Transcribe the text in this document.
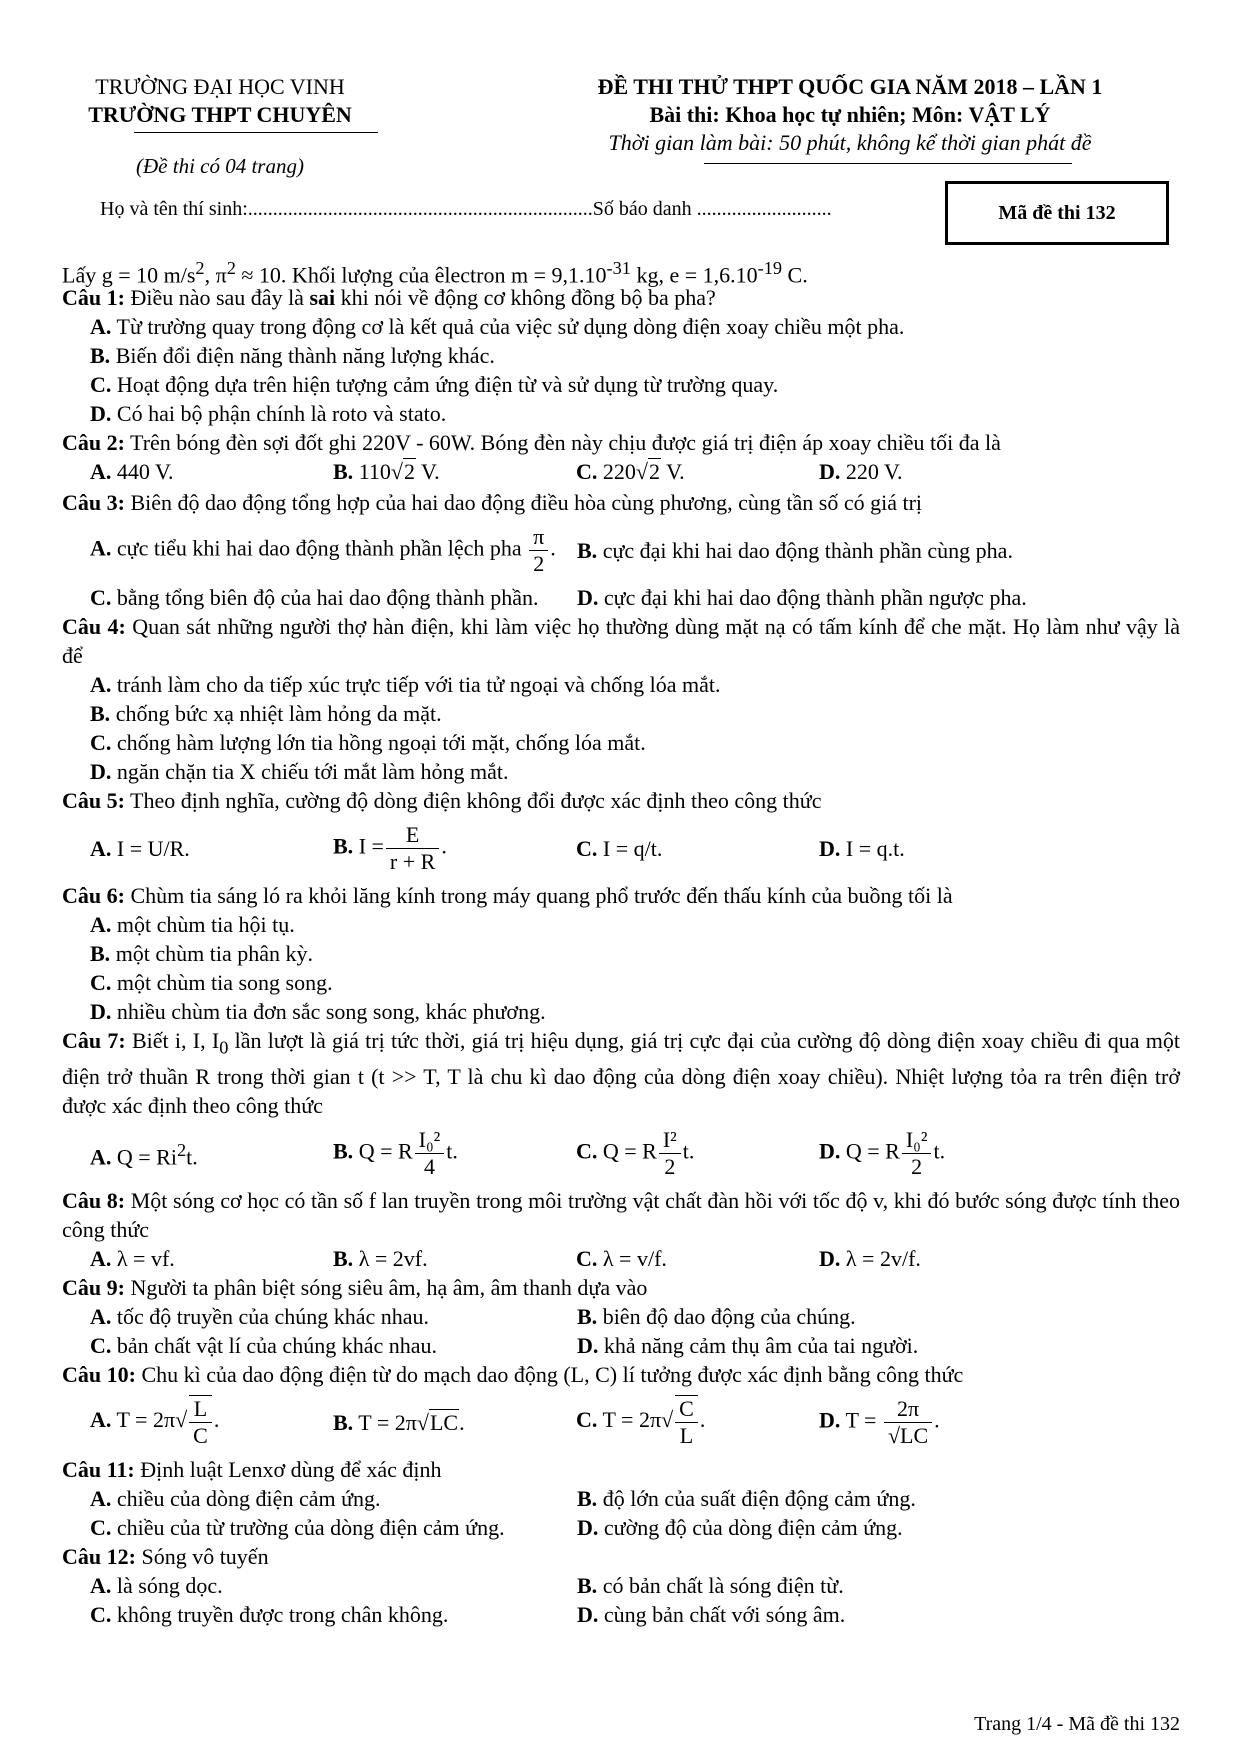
TRƯỜNG ĐẠI HỌC VINH
TRƯỜNG THPT CHUYÊN
(Đề thi có 04 trang)
ĐỀ THI THỬ THPT QUỐC GIA NĂM 2018 – LẦN 1
Bài thi: Khoa học tự nhiên; Môn: VẬT LÝ
Thời gian làm bài: 50 phút, không kể thời gian phát đề
Họ và tên thí sinh:.....................................................................Số báo danh ...........................	Mã đề thi 132
Lấy g = 10 $m/s^2$, $\pi^2 \approx 10$. Khối lượng của êlectron $m = 9,1.10^{-31}$ kg, $e = 1,6.10^{-19}$ C.
Câu 1: Điều nào sau đây là sai khi nói về động cơ không đồng bộ ba pha?
A. Từ trường quay trong động cơ là kết quả của việc sử dụng dòng điện xoay chiều một pha.
B. Biến đổi điện năng thành năng lượng khác.
C. Hoạt động dựa trên hiện tượng cảm ứng điện từ và sử dụng từ trường quay.
D. Có hai bộ phận chính là roto và stato.
Câu 2: Trên bóng đèn sợi đốt ghi 220V - 60W. Bóng đèn này chịu được giá trị điện áp xoay chiều tối đa là
A. 440 V.	B. 110√2 V.	C. 220√2 V.	D. 220 V.
Câu 3: Biên độ dao động tổng hợp của hai dao động điều hòa cùng phương, cùng tần số có giá trị
A. cực tiểu khi hai dao động thành phần lệch pha $\frac{\pi}{2}$ . B. cực đại khi hai dao động thành phần cùng pha.
C. bằng tổng biên độ của hai dao động thành phần.	D. cực đại khi hai dao động thành phần ngược pha.
Câu 4: Quan sát những người thợ hàn điện, khi làm việc họ thường dùng mặt nạ có tấm kính để che mặt. Họ làm như vậy là để
A. tránh làm cho da tiếp xúc trực tiếp với tia tử ngoại và chống lóa mắt.
B. chống bức xạ nhiệt làm hỏng da mặt.
C. chống hàm lượng lớn tia hồng ngoại tới mặt, chống lóa mắt.
D. ngăn chặn tia X chiếu tới mắt làm hỏng mắt.
Câu 5: Theo định nghĩa, cường độ dòng điện không đổi được xác định theo công thức
A. I = U/R.	B. $I = \frac{E}{r + R}$ .	C. I = q/t.	D. I = q.t.
Câu 6: Chùm tia sáng ló ra khỏi lăng kính trong máy quang phổ trước đến thấu kính của buồng tối là
A. một chùm tia hội tụ.
B. một chùm tia phân kỳ.
C. một chùm tia song song.
D. nhiều chùm tia đơn sắc song song, khác phương.
Câu 7: Biết i, I, $I_0$ lần lượt là giá trị tức thời, giá trị hiệu dụng, giá trị cực đại của cường độ dòng điện xoay chiều đi qua một điện trở thuần R trong thời gian t (t >> T, T là chu kì dao động của dòng điện xoay chiều). Nhiệt lượng tỏa ra trên điện trở được xác định theo công thức
A. $Q = Ri^2t$.	B. Q = R $\frac{\text{I₀²}}{4} t$.	C. Q = R $\frac{\text{I²}}{2} t$.	D. Q = R $\frac{\text{I₀²}}{2} t$.
Câu 8: Một sóng cơ học có tần số f lan truyền trong môi trường vật chất đàn hồi với tốc độ v, khi đó bước sóng được tính theo công thức
A. λ = vf.	B. λ = 2vf.	C. λ = v/f.	D. λ = 2v/f.
Câu 9: Người ta phân biệt sóng siêu âm, hạ âm, âm thanh dựa vào
A. tốc độ truyền của chúng khác nhau.	B. biên độ dao động của chúng.
C. bản chất vật lí của chúng khác nhau.	D. khả năng cảm thụ âm của tai người.
Câu 10: Chu kì của dao động điện từ do mạch dao động (L, C) lí tưởng được xác định bằng công thức
A. $T = 2\pi√ \frac{L}{C}$ .	B. T = 2π√LC.	C. $T = 2\pi√ \frac{C}{L}$ .	D. $T = \frac{2\pi}{√LC}$ .
Câu 11: Định luật Lenxơ dùng để xác định
A. chiều của dòng điện cảm ứng.	B. độ lớn của suất điện động cảm ứng.
C. chiều của từ trường của dòng điện cảm ứng.	D. cường độ của dòng điện cảm ứng.
Câu 12: Sóng vô tuyến
A. là sóng dọc.	B. có bản chất là sóng điện từ.
C. không truyền được trong chân không.	D. cùng bản chất với sóng âm.
Trang 1/4 - Mã đề thi 132
